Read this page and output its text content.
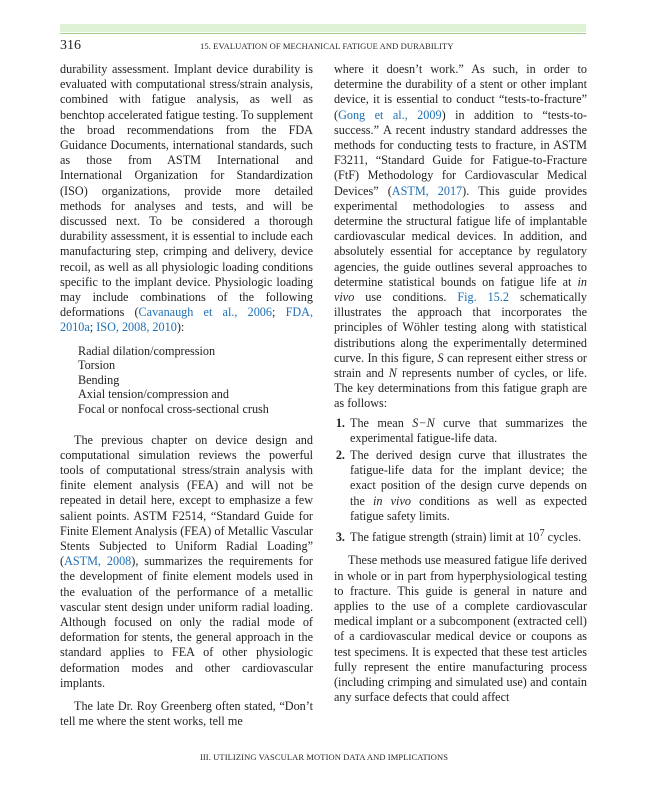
316	15. EVALUATION OF MECHANICAL FATIGUE AND DURABILITY

durability assessment. Implant device durability is evaluated with computational stress/strain analysis, combined with fatigue analysis, as well as benchtop accelerated fatigue testing. To supplement the broad recommendations from the FDA Guidance Documents, international standards, such as those from ASTM International and International Organization for Standardization (ISO) organizations, provide more detailed methods for analyses and tests, and will be discussed next. To be considered a thorough durability assessment, it is essential to include each manufacturing step, crimping and delivery, device recoil, as well as all physiologic loading conditions specific to the implant device. Physiologic loading may include combinations of the following deformations (Cavanaugh et al., 2006; FDA, 2010a; ISO, 2008, 2010):

Radial dilation/compression
Torsion
Bending
Axial tension/compression and
Focal or nonfocal cross-sectional crush

The previous chapter on device design and computational simulation reviews the powerful tools of computational stress/strain analysis with finite element analysis (FEA) and will not be repeated in detail here, except to emphasize a few salient points. ASTM F2514, “Standard Guide for Finite Element Analysis (FEA) of Metallic Vascular Stents Subjected to Uniform Radial Loading” (ASTM, 2008), summarizes the requirements for the development of finite element models used in the evaluation of the performance of a metallic vascular stent design under uniform radial loading. Although focused on only the radial mode of deformation for stents, the general approach in the standard applies to FEA of other physiologic deformation modes and other cardiovascular implants.

The late Dr. Roy Greenberg often stated, “Don’t tell me where the stent works, tell me

where it doesn’t work.” As such, in order to determine the durability of a stent or other implant device, it is essential to conduct “tests-to-fracture” (Gong et al., 2009) in addition to “tests-to-success.” A recent industry standard addresses the methods for conducting tests to fracture, in ASTM F3211, “Standard Guide for Fatigue-to-Fracture (FtF) Methodology for Cardiovascular Medical Devices” (ASTM, 2017). This guide provides experimental methodologies to assess and determine the structural fatigue life of implantable cardiovascular medical devices. In addition, and absolutely essential for acceptance by regulatory agencies, the guide outlines several approaches to determine statistical bounds on fatigue life at in vivo use conditions. Fig. 15.2 schematically illustrates the approach that incorporates the principles of Wöhler testing along with statistical distributions along the experimentally determined curve. In this figure, S can represent either stress or strain and N represents number of cycles, or life. The key determinations from this fatigue graph are as follows:

1. The mean S−N curve that summarizes the experimental fatigue-life data.
2. The derived design curve that illustrates the fatigue-life data for the implant device; the exact position of the design curve depends on the in vivo conditions as well as expected fatigue safety limits.
3. The fatigue strength (strain) limit at $10^7$ cycles.

These methods use measured fatigue life derived in whole or in part from hyperphysiological testing to fracture. This guide is general in nature and applies to the use of a complete cardiovascular medical implant or a subcomponent (extracted cell) of a cardiovascular medical device or coupons as test specimens. It is expected that these test articles fully represent the entire manufacturing process (including crimping and simulated use) and contain any surface defects that could affect

III. UTILIZING VASCULAR MOTION DATA AND IMPLICATIONS
